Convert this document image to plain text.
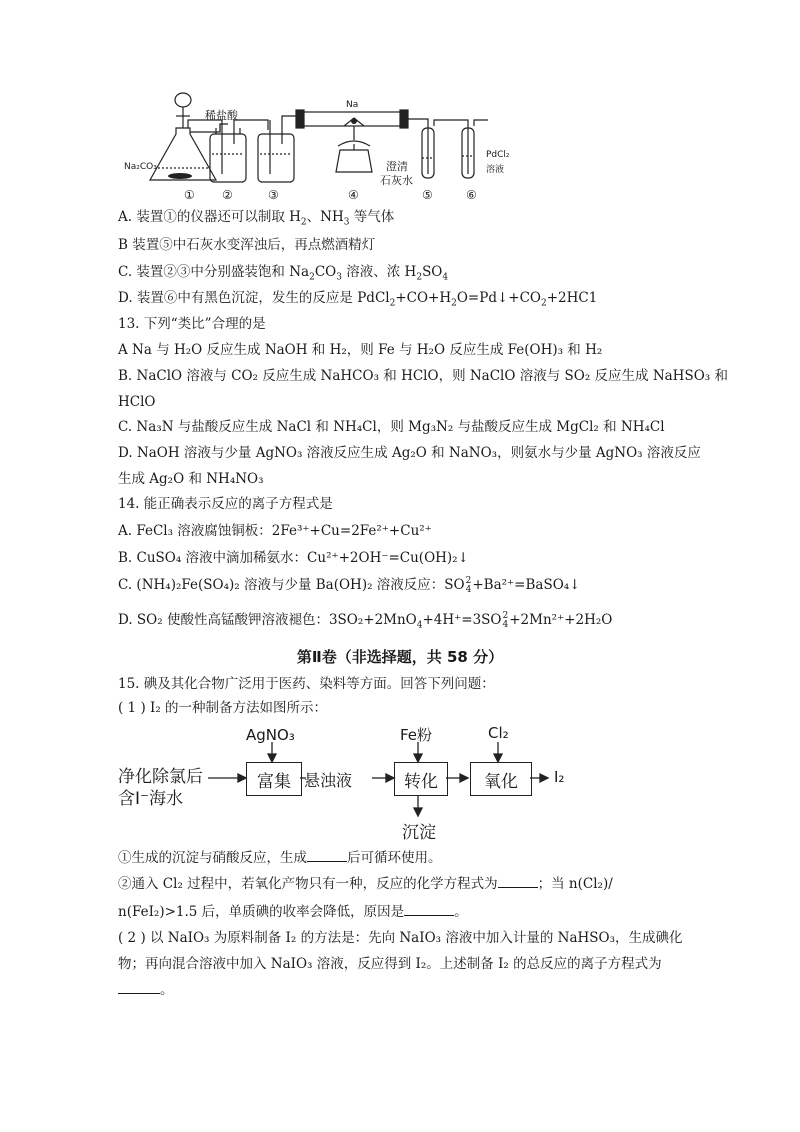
稀盐酸
Na₂CO₃
Na
澄清
石灰水
PdCl₂
溶液
① ②	③	④	⑤	⑥
A. 装置①的仪器还可以制取 $H_2$、$NH_3$ 等气体
B 装置⑤中石灰水变浑浊后，再点燃酒精灯
C. 装置②③中分别盛装饱和 $Na_2CO_3$ 溶液、浓 $H_2SO_4$
D. 装置⑥中有黑色沉淀，发生的反应是 $PdCl_2+CO+H_2O=Pd↓+CO_2+2HC1$
13. 下列“类比”合理的是
A Na 与 H₂O 反应生成 NaOH 和 H₂，则 Fe 与 H₂O 反应生成 Fe(OH)₃ 和 H₂
B. NaClO 溶液与 CO₂ 反应生成 NaHCO₃ 和 HClO，则 NaClO 溶液与 SO₂ 反应生成 NaHSO₃ 和
HClO
C. Na₃N 与盐酸反应生成 NaCl 和 NH₄Cl，则 Mg₃N₂ 与盐酸反应生成 MgCl₂ 和 NH₄Cl
D. NaOH 溶液与少量 AgNO₃ 溶液反应生成 Ag₂O 和 NaNO₃，则氨水与少量 AgNO₃ 溶液反应
生成 Ag₂O 和 NH₄NO₃
14. 能正确表示反应的离子方程式是
A. FeCl₃ 溶液腐蚀铜板：2Fe³⁺+Cu=2Fe²⁺+Cu²⁺
B. CuSO₄ 溶液中滴加稀氨水：Cu²⁺+2OH⁻=Cu(OH)₂↓
C. (NH₄)₂Fe(SO₄)₂ 溶液与少量 Ba(OH)₂ 溶液反应：SO 2
4 +Ba²⁺=BaSO₄↓
D. SO₂ 使酸性高锰酸钾溶液褪色：3SO₂+2MnO$_4$+4H⁺=3SO 2
4 +2Mn²⁺+2H₂O
第Ⅱ卷（非选择题，共 58 分）
15. 碘及其化合物广泛用于医药、染料等方面。回答下列问题：
( 1 ) I₂ 的一种制备方法如图所示：
净化除氯后
含I⁻海水
AgNO₃
富集 悬浊液
Fe粉
转化
沉淀
Cl₂
氧化 I₂
①生成的沉淀与硝酸反应，生成	后可循环使用。
②通入 Cl₂ 过程中，若氧化产物只有一种，反应的化学方程式为	；当 n(Cl₂)/
n(FeI₂)>1.5 后，单质碘的收率会降低，原因是	。
( 2 ) 以 NaIO₃ 为原料制备 I₂ 的方法是：先向 NaIO₃ 溶液中加入计量的 NaHSO₃，生成碘化
物；再向混合溶液中加入 NaIO₃ 溶液，反应得到 I₂。上述制备 I₂ 的总反应的离子方程式为
。
